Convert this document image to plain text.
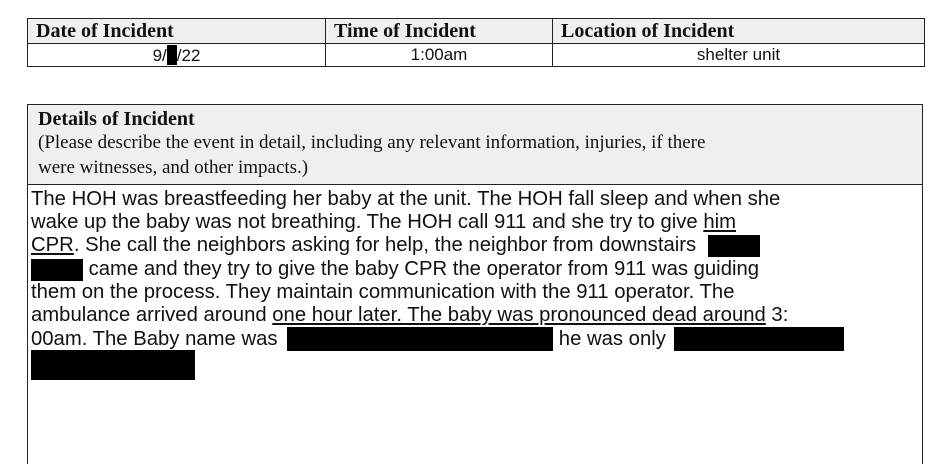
Date of Incident	Time of Incident	Location of Incident
9/ /22	1:00am	shelter unit
Details of Incident
(Please describe the event in detail, including any relevant information, injuries, if there
were witnesses, and other impacts.)
The HOH was breastfeeding her baby at the unit. The HOH fall sleep and when she
wake up the baby was not breathing. The HOH call 911 and she try to give him
CPR. She call the neighbors asking for help, the neighbor from downstairs
came and they try to give the baby CPR the operator from 911 was guiding
them on the process. They maintain communication with the 911 operator. The
ambulance arrived around one hour later. The baby was pronounced dead around 3:
00am. The Baby name was	he was only
